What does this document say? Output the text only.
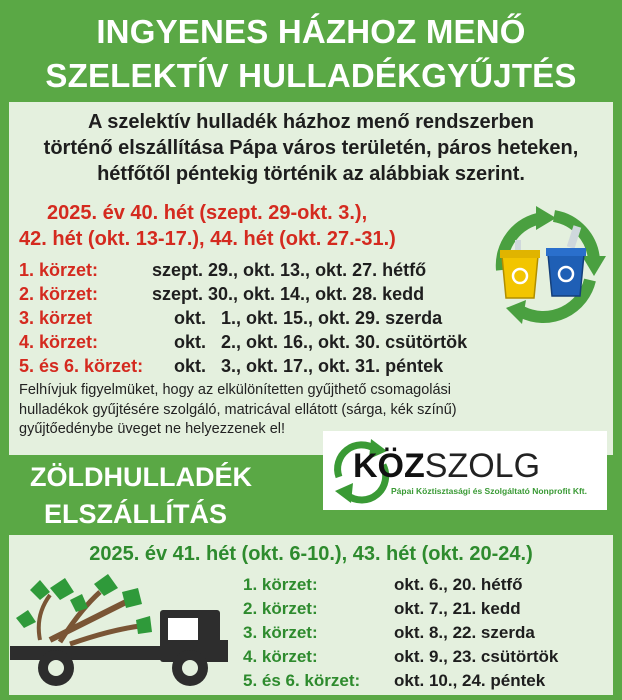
INGYENES HÁZHOZ MENŐ
SZELEKTÍV HULLADÉKGYŰJTÉS
A szelektív hulladék házhoz menő rendszerben
történő elszállítása Pápa város területén, páros heteken,
hétfőtől péntekig történik az alábbiak szerint.
2025. év 40. hét (szept. 29-okt. 3.),
42. hét (okt. 13-17.), 44. hét (okt. 27.-31.)
1. körzet:	szept. 29., okt. 13., okt. 27. hétfő
2. körzet:	szept. 30., okt. 14., okt. 28. kedd
3. körzet	okt.   1., okt. 15., okt. 29. szerda
4. körzet:	okt.   2., okt. 16., okt. 30. csütörtök
5. és 6. körzet: okt.   3., okt. 17., okt. 31. péntek
Felhívjuk figyelmüket, hogy az elkülönítetten gyűjthető csomagolási hulladékok gyűjtésére szolgáló, matricával ellátott (sárga, kék színű) gyűjtőedénybe üveget ne helyezzenek el!
KÖZSZOLG
Pápai Köztisztasági és Szolgáltató Nonprofit Kft.
ZÖLDHULLADÉK
ELSZÁLLÍTÁS
2025. év 41. hét (okt. 6-10.), 43. hét (okt. 20-24.)
1. körzet:	okt. 6., 20. hétfő
2. körzet:	okt. 7., 21. kedd
3. körzet:	okt. 8., 22. szerda
4. körzet:	okt. 9., 23. csütörtök
5. és 6. körzet: okt. 10., 24. péntek
